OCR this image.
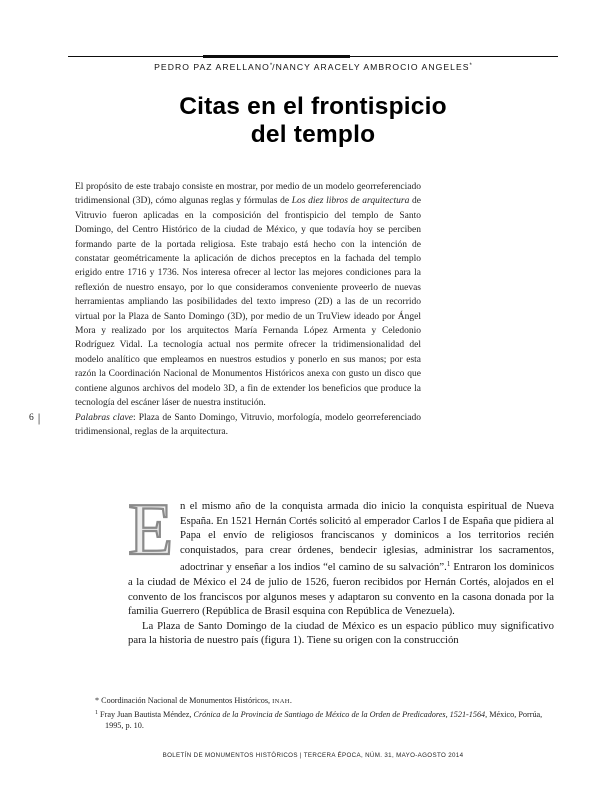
PEDRO PAZ ARELLANO*/NANCY ARACELY AMBROCIO ANGELES*
Citas en el frontispicio
del templo
El propósito de este trabajo consiste en mostrar, por medio de un modelo georreferenciado tridimensional (3D), cómo algunas reglas y fórmulas de Los diez libros de arquitectura de Vitruvio fueron aplicadas en la composición del frontispicio del templo de Santo Domingo, del Centro Histórico de la ciudad de México, y que todavía hoy se perciben formando parte de la portada religiosa. Este trabajo está hecho con la intención de constatar geométricamente la aplicación de dichos preceptos en la fachada del templo erigido entre 1716 y 1736. Nos interesa ofrecer al lector las mejores condiciones para la reflexión de nuestro ensayo, por lo que consideramos conveniente proveerlo de nuevas herramientas ampliando las posibilidades del texto impreso (2D) a las de un recorrido virtual por la Plaza de Santo Domingo (3D), por medio de un TruView ideado por Ángel Mora y realizado por los arquitectos María Fernanda López Armenta y Celedonio Rodríguez Vidal. La tecnología actual nos permite ofrecer la tridimensionalidad del modelo analítico que empleamos en nuestros estudios y ponerlo en sus manos; por esta razón la Coordinación Nacional de Monumentos Históricos anexa con gusto un disco que contiene algunos archivos del modelo 3D, a fin de extender los beneficios que produce la tecnología del escáner láser de nuestra institución.
Palabras clave: Plaza de Santo Domingo, Vitruvio, morfología, modelo georreferenciado tridimensional, reglas de la arquitectura.
6 |
En el mismo año de la conquista armada dio inicio la conquista espiritual de Nueva España. En 1521 Hernán Cortés solicitó al emperador Carlos I de España que pidiera al Papa el envío de religiosos franciscanos y dominicos a los territorios recién conquistados, para crear órdenes, bendecir iglesias, administrar los sacramentos, adoctrinar y enseñar a los indios “el camino de su salvación”.$^1$ Entraron los dominicos a la ciudad de México el 24 de julio de 1526, fueron recibidos por Hernán Cortés, alojados en el convento de los franciscos por algunos meses y adaptaron su convento en la casona donada por la familia Guerrero (República de Brasil esquina con República de Venezuela).
La Plaza de Santo Domingo de la ciudad de México es un espacio público muy significativo para la historia de nuestro país (figura 1). Tiene su origen con la construcción
* Coordinación Nacional de Monumentos Históricos, INAH.
$^1$ Fray Juan Bautista Méndez, Crónica de la Provincia de Santiago de México de la Orden de Predicadores, 1521-1564, México, Porrúa, 1995, p. 10.
BOLETÍN DE MONUMENTOS HISTÓRICOS | TERCERA ÉPOCA, NÚM. 31, MAYO-AGOSTO 2014
